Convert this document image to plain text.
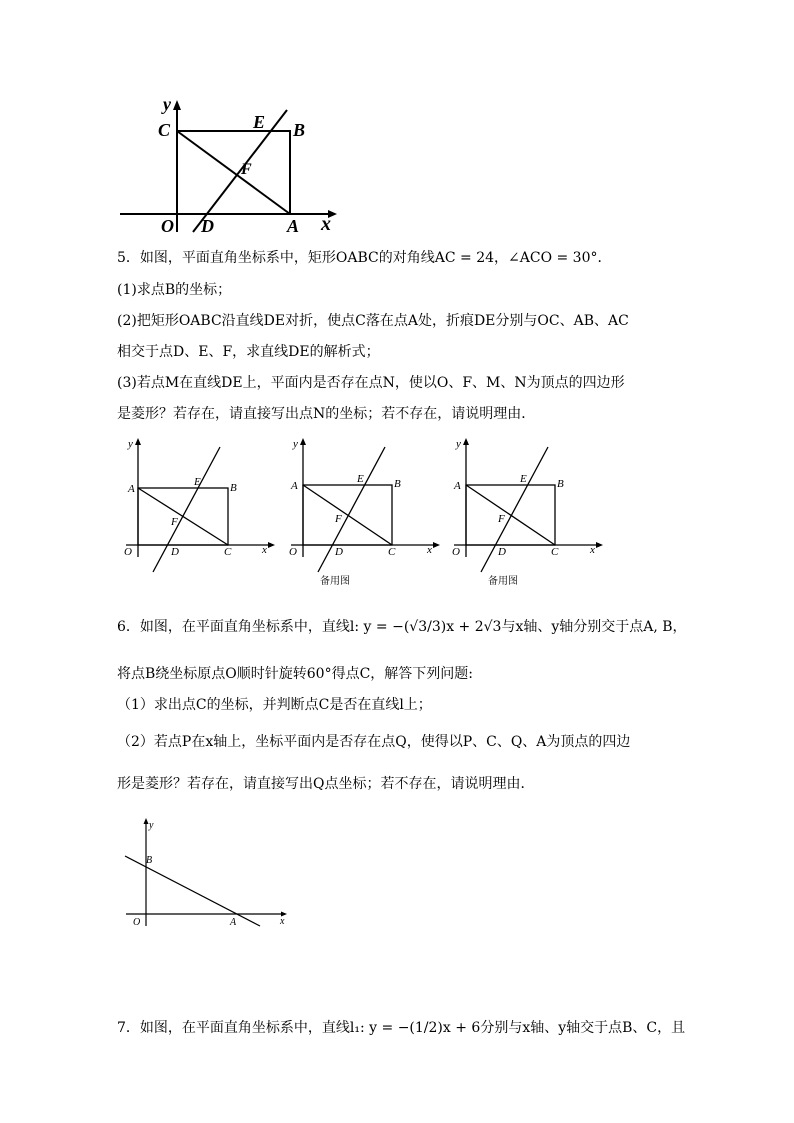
y
C	E B
F
O D	A x
5．如图，平面直角坐标系中，矩形OABC的对角线AC = 24，∠ACO = 30°．
(1)求点B的坐标；
(2)把矩形OABC沿直线DE对折，使点C落在点A处，折痕DE分别与OC、AB、AC
相交于点D、E、F，求直线DE的解析式；
(3)若点M在直线DE上，平面内是否存在点N，使以O、F、M、N为顶点的四边形
是菱形？若存在，请直接写出点N的坐标；若不存在，请说明理由．
y
A
E	B
F
O	D	C	x
y
A
E	B
F
O	D	C	x
备用图
y
A
E	B
F
O	D	C	x
备用图
6．如图，在平面直角坐标系中，直线l: y = −(√3/3)x + 2√3与x轴、y轴分别交于点A, B，
将点B绕坐标原点O顺时针旋转60°得点C，解答下列问题:
（1）求出点C的坐标，并判断点C是否在直线l上；
（2）若点P在x轴上，坐标平面内是否存在点Q，使得以P、C、Q、A为顶点的四边
形是菱形？若存在，请直接写出Q点坐标；若不存在，请说明理由．
y
B
O	A	x
7．如图，在平面直角坐标系中，直线l₁: y = −(1/2)x + 6分别与x轴、y轴交于点B、C，且
